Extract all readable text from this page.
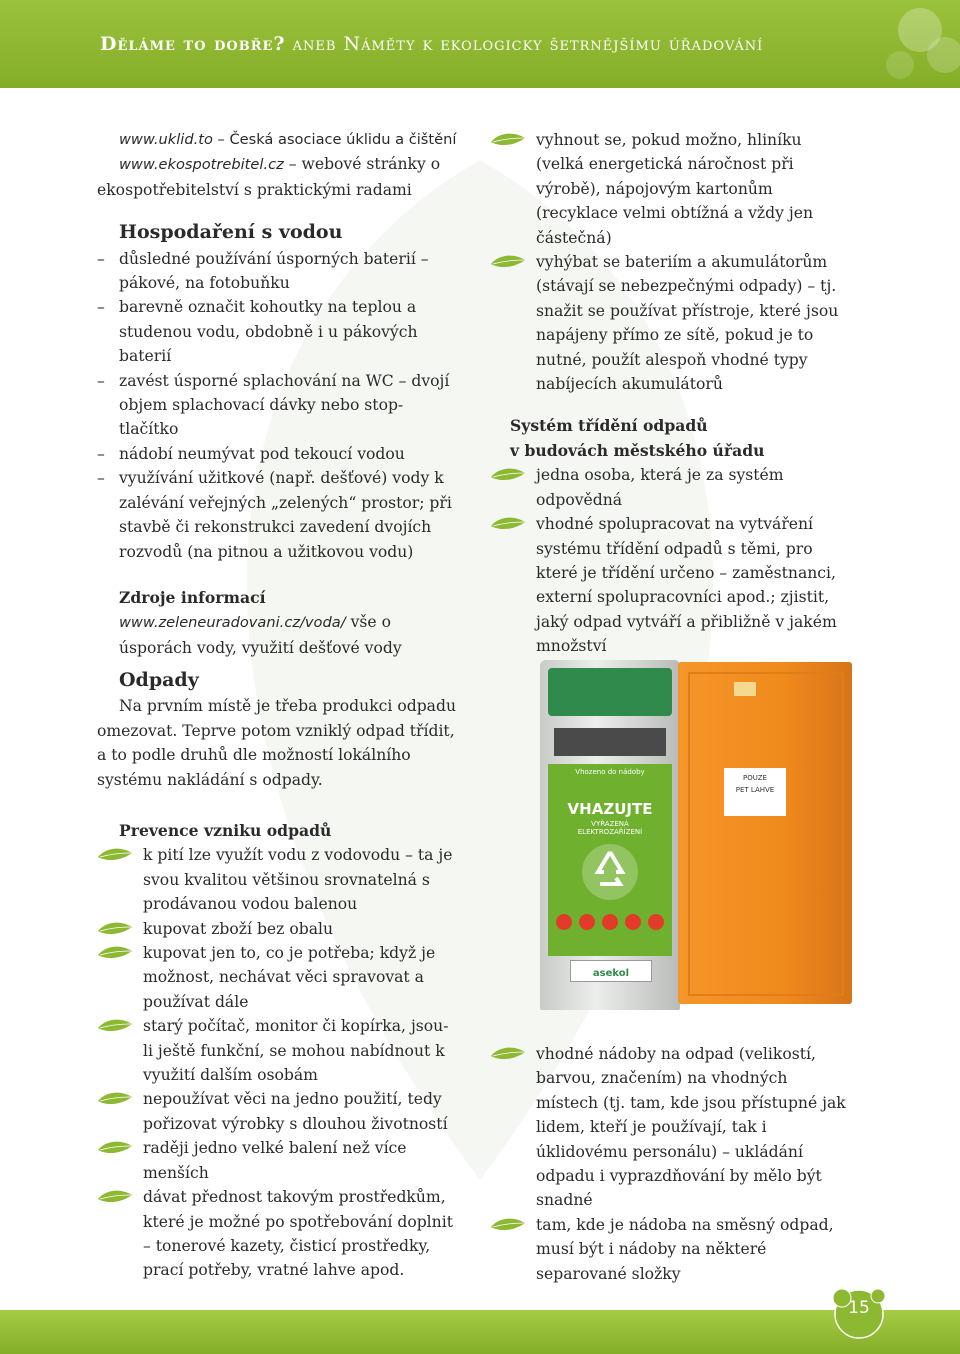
Děláme to dobře? aneb Náměty k ekologicky šetrnějšímu úřadování

www.uklid.to – Česká asociace úklidu a čištění

www.ekospotrebitel.cz – webové stránky o ekospotřebitelství s praktickými radami

Hospodaření s vodou

– důsledné používání úsporných baterií – pákové, na fotobuňku

– barevně označit kohoutky na teplou a studenou vodu, obdobně i u pákových baterií

– zavést úsporné splachování na WC – dvojí objem splachovací dávky nebo stop-tlačítko

– nádobí neumývat pod tekoucí vodou

– využívání užitkové (např. dešťové) vody k zalévání veřejných „zelených“ prostor; při stavbě či rekonstrukci zavedení dvojích rozvodů (na pitnou a užitkovou vodu)

Zdroje informací

www.zeleneuradovani.cz/voda/ vše o úsporách vody, využití dešťové vody

Odpady

Na prvním místě je třeba produkci odpadu omezovat. Teprve potom vzniklý odpad třídit, a to podle druhů dle možností lokálního systému nakládání s odpady.

Prevence vzniku odpadů

k pití lze využít vodu z vodovodu – ta je svou kvalitou většinou srovnatelná s prodávanou vodou balenou

kupovat zboží bez obalu

kupovat jen to, co je potřeba; když je možnost, nechávat věci spravovat a používat dále

starý počítač, monitor či kopírka, jsou-li ještě funkční, se mohou nabídnout k využití dalším osobám

nepoužívat věci na jedno použití, tedy pořizovat výrobky s dlouhou životností

raději jedno velké balení než více menších

dávat přednost takovým prostředkům, které je možné po spotřebování doplnit – tonerové kazety, čisticí prostředky, prací potřeby, vratné lahve apod.

vyhnout se, pokud možno, hliníku (velká energetická náročnost při výrobě), nápojovým kartonům (recyklace velmi obtížná a vždy jen částečná)

vyhýbat se bateriím a akumulátorům (stávají se nebezpečnými odpady) – tj. snažit se používat přístroje, které jsou napájeny přímo ze sítě, pokud je to nutné, použít alespoň vhodné typy nabíjecích akumulátorů

Systém třídění odpadů

v budovách městského úřadu

jedna osoba, která je za systém odpovědná

vhodné spolupracovat na vytváření systému třídění odpadů s těmi, pro které je třídění určeno – zaměstnanci, externí spolupracovníci apod.; zjistit, jaký odpad vytváří a přibližně v jakém množství

Vhozeno do nádoby
VHAZUJTE
VYŘAZENÁ ELEKTROZAŘÍZENÍ
asekol
POUZE
PET LAHVE

vhodné nádoby na odpad (velikostí, barvou, značením) na vhodných místech (tj. tam, kde jsou přístupné jak lidem, kteří je používají, tak i úklidovému personálu) – ukládání odpadu i vyprazdňování by mělo být snadné

tam, kde je nádoba na směsný odpad, musí být i nádoby na některé separované složky

15
